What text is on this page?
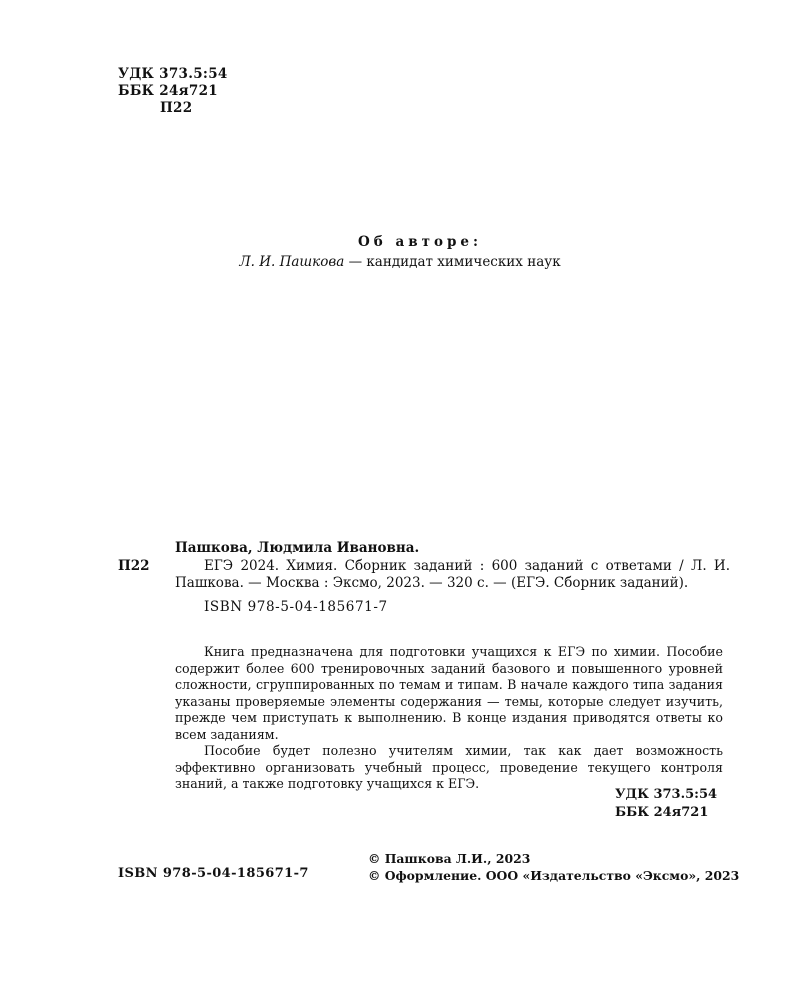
УДК 373.5:54
ББК 24я721
П22
Об авторе:
Л. И. Пашкова — кандидат химических наук
Пашкова, Людмила Ивановна.
П22	ЕГЭ 2024. Химия. Сборник заданий : 600 заданий с ответами / Л. И. Пашкова. — Москва : Эксмо, 2023. — 320 с. — (ЕГЭ. Сборник заданий).
ISBN 978-5-04-185671-7

Книга предназначена для подготовки учащихся к ЕГЭ по химии. Пособие содержит более 600 тренировочных заданий базового и повышенного уровней сложности, сгруппированных по темам и типам. В начале каждого типа задания указаны проверяемые элементы содержания — темы, которые следует изучить, прежде чем приступать к выполнению. В конце издания приводятся ответы ко всем заданиям.

Пособие будет полезно учителям химии, так как дает возможность эффективно организовать учебный процесс, проведение текущего контроля знаний, а также подготовку учащихся к ЕГЭ.

УДК 373.5:54
ББК 24я721
ISBN 978-5-04-185671-7
© Пашкова Л.И., 2023
© Оформление. ООО «Издательство «Эксмо», 2023
